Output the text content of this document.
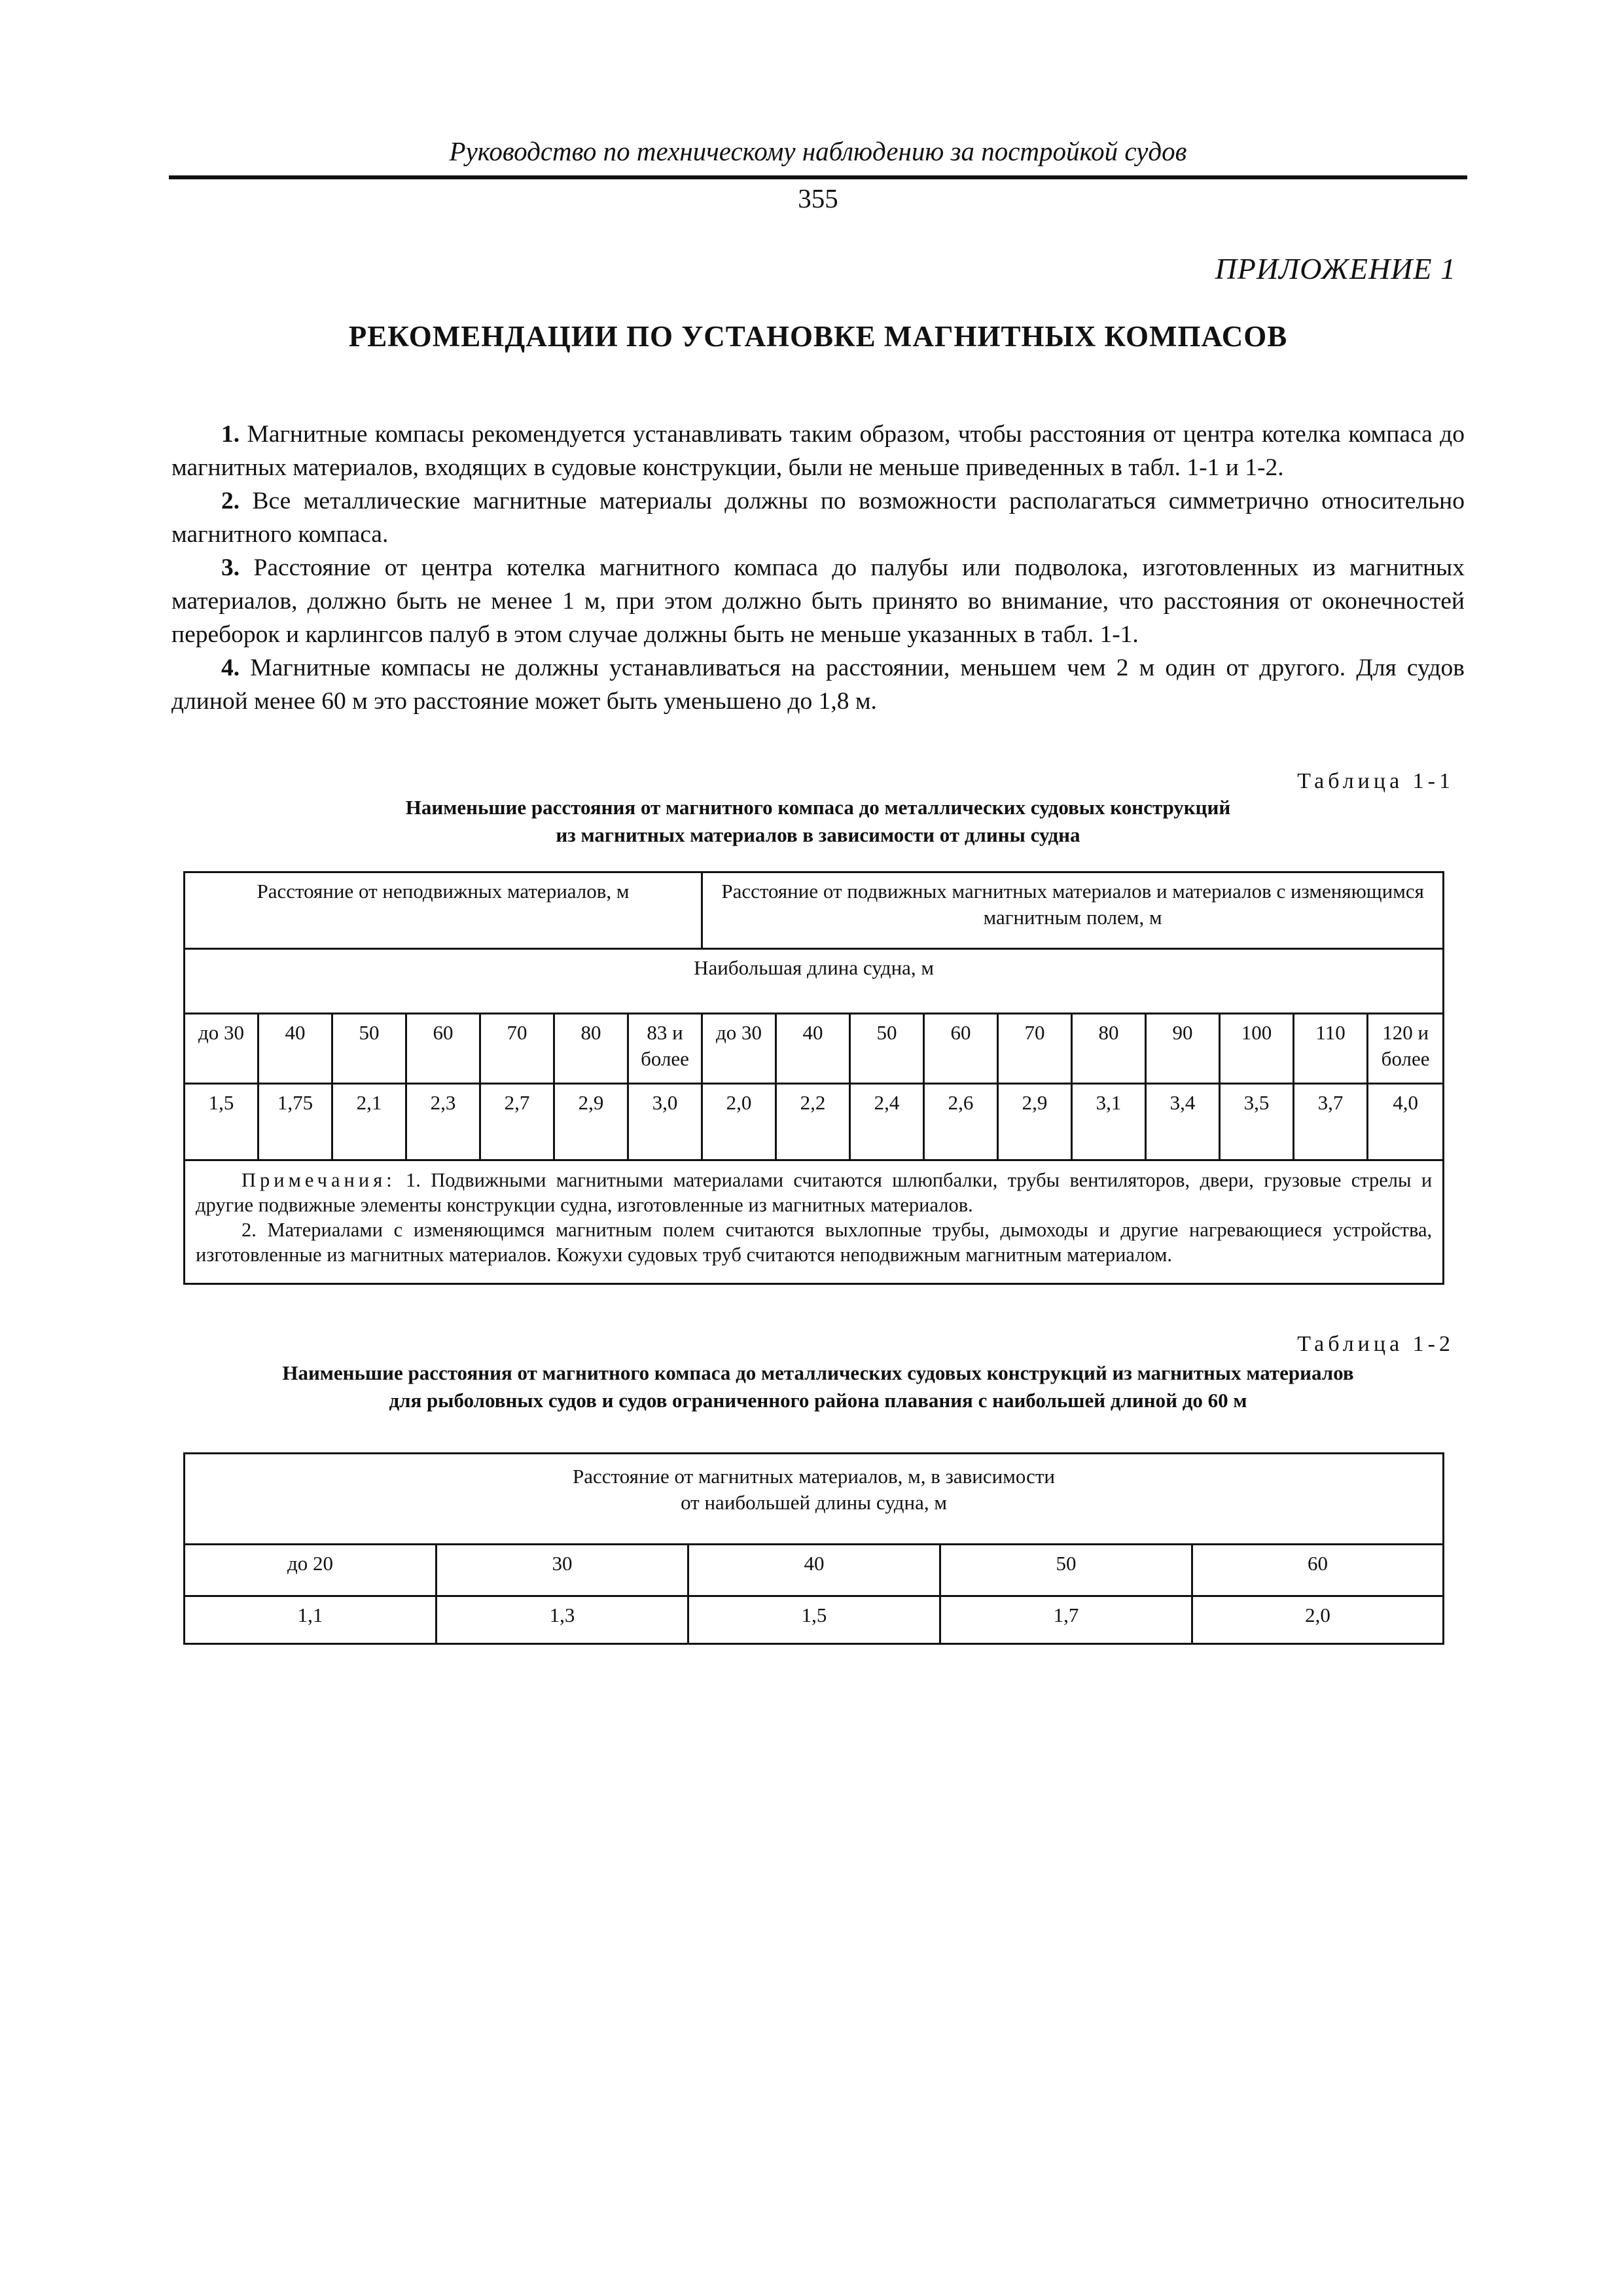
Руководство по техническому наблюдению за постройкой судов
355
ПРИЛОЖЕНИЕ 1
РЕКОМЕНДАЦИИ ПО УСТАНОВКЕ МАГНИТНЫХ КОМПАСОВ

1. Магнитные компасы рекомендуется устанавливать таким образом, чтобы расстояния от центра котелка компаса до магнитных материалов, входящих в судовые конструкции, были не меньше приведенных в табл. 1-1 и 1-2.

2. Все металлические магнитные материалы должны по возможности располагаться симметрично относительно магнитного компаса.

3. Расстояние от центра котелка магнитного компаса до палубы или подволока, изготовленных из магнитных материалов, должно быть не менее 1 м, при этом должно быть принято во внимание, что расстояния от оконечностей переборок и карлингсов палуб в этом случае должны быть не меньше указанных в табл. 1-1.

4. Магнитные компасы не должны устанавливаться на расстоянии, меньшем чем 2 м один от другого. Для судов длиной менее 60 м это расстояние может быть уменьшено до 1,8 м.

Таблица 1-1
Наименьшие расстояния от магнитного компаса до металлических судовых конструкций
из магнитных материалов в зависимости от длины судна
Расстояние от неподвижных материалов, м							Расстояние от подвижных магнитных материалов и материалов с изменяющимся магнитным полем, м									
Наибольшая длина судна, м																
до 30	40	50	60	70	80	83 и более	до 30	40	50	60	70	80	90	100	110	120 и более
1,5	1,75	2,1	2,3	2,7	2,9	3,0	2,0	2,2	2,4	2,6	2,9	3,1	3,4	3,5	3,7	4,0

Примечания: 1. Подвижными магнитными материалами считаются шлюпбалки, трубы вентиляторов, двери, грузовые стрелы и другие подвижные элементы конструкции судна, изготовленные из магнитных материалов.

2. Материалами с изменяющимся магнитным полем считаются выхлопные трубы, дымоходы и другие нагревающиеся устройства, изготовленные из магнитных материалов. Кожухи судовых труб считаются неподвижным магнитным материалом.																

Таблица 1-2
Наименьшие расстояния от магнитного компаса до металлических судовых конструкций из магнитных материалов
для рыболовных судов и судов ограниченного района плавания с наибольшей длиной до 60 м
Расстояние от магнитных материалов, м, в зависимости
от наибольшей длины судна, м				

до 20	30	40	50	60
1,1	1,3	1,5	1,7	2,0
